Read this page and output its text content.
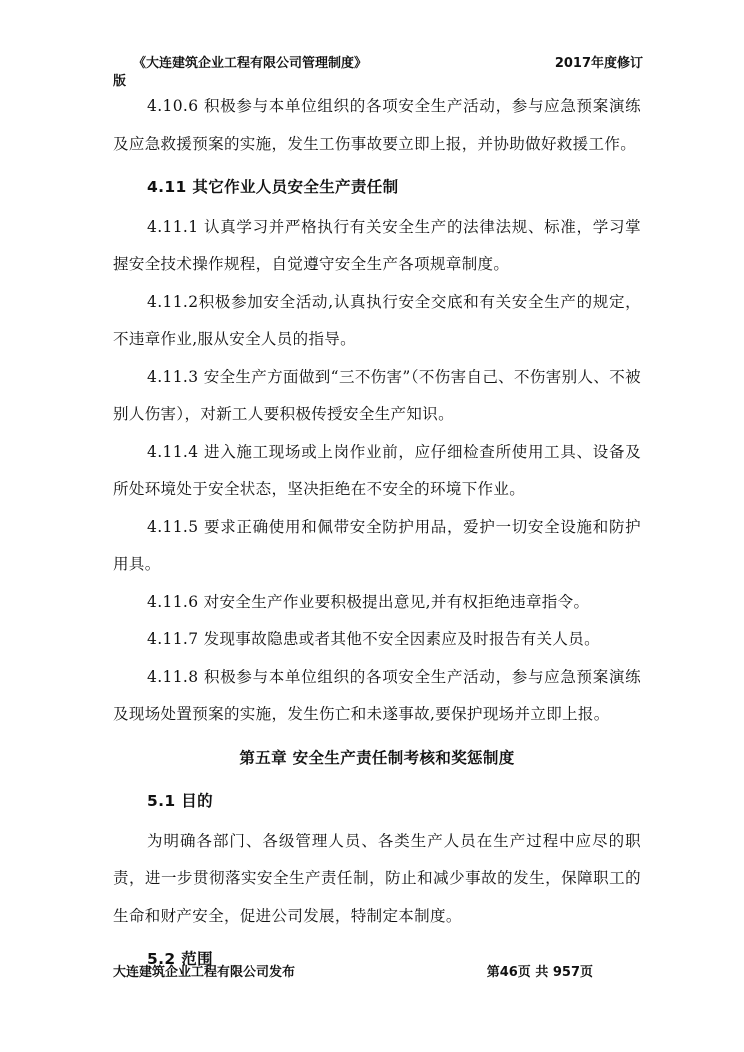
《大连建筑企业工程有限公司管理制度》	2017年度修订
版

4.10.6 积极参与本单位组织的各项安全生产活动，参与应急预案演练及应急救援预案的实施，发生工伤事故要立即上报，并协助做好救援工作。

4.11 其它作业人员安全生产责任制

4.11.1 认真学习并严格执行有关安全生产的法律法规、标准，学习掌握安全技术操作规程，自觉遵守安全生产各项规章制度。

4.11.2积极参加安全活动,认真执行安全交底和有关安全生产的规定，不违章作业,服从安全人员的指导。

4.11.3 安全生产方面做到“三不伤害”（不伤害自己、不伤害别人、不被别人伤害），对新工人要积极传授安全生产知识。

4.11.4 进入施工现场或上岗作业前，应仔细检查所使用工具、设备及所处环境处于安全状态，坚决拒绝在不安全的环境下作业。

4.11.5 要求正确使用和佩带安全防护用品，爱护一切安全设施和防护用具。

4.11.6 对安全生产作业要积极提出意见,并有权拒绝违章指令。

4.11.7 发现事故隐患或者其他不安全因素应及时报告有关人员。

4.11.8 积极参与本单位组织的各项安全生产活动，参与应急预案演练及现场处置预案的实施，发生伤亡和未遂事故,要保护现场并立即上报。

第五章 安全生产责任制考核和奖惩制度
5.1 目的

为明确各部门、各级管理人员、各类生产人员在生产过程中应尽的职责，进一步贯彻落实安全生产责任制，防止和减少事故的发生，保障职工的生命和财产安全，促进公司发展，特制定本制度。

5.2 范围
大连建筑企业工程有限公司发布	第46页 共 957页
